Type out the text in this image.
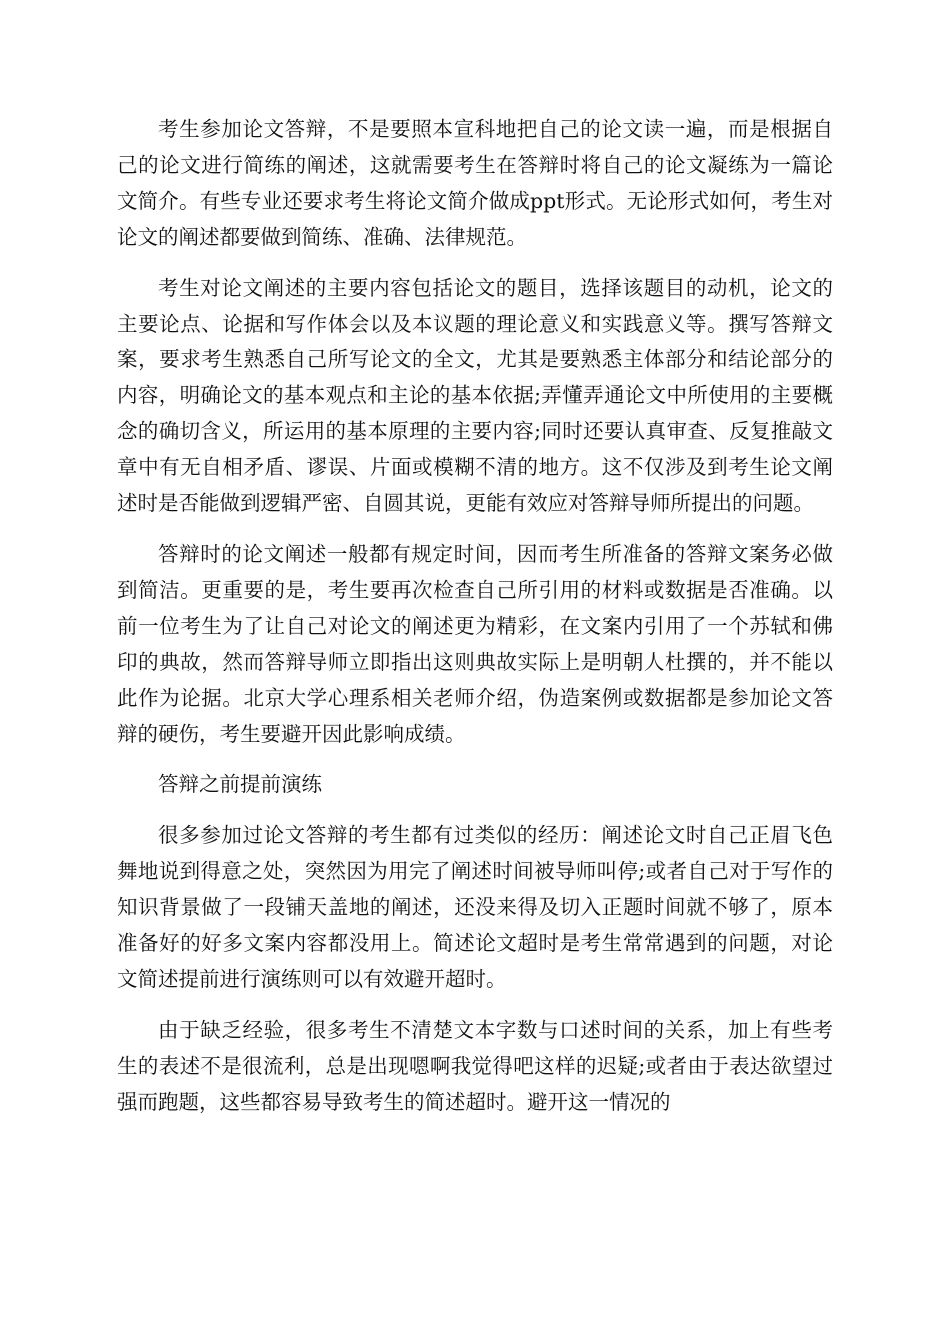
考生参加论文答辩，不是要照本宣科地把自己的论文读一遍，而是根据自己的论文进行简练的阐述，这就需要考生在答辩时将自己的论文凝练为一篇论文简介。有些专业还要求考生将论文简介做成ppt形式。无论形式如何，考生对论文的阐述都要做到简练、准确、法律规范。

考生对论文阐述的主要内容包括论文的题目，选择该题目的动机，论文的主要论点、论据和写作体会以及本议题的理论意义和实践意义等。撰写答辩文案，要求考生熟悉自己所写论文的全文，尤其是要熟悉主体部分和结论部分的内容，明确论文的基本观点和主论的基本依据;弄懂弄通论文中所使用的主要概念的确切含义，所运用的基本原理的主要内容;同时还要认真审查、反复推敲文章中有无自相矛盾、谬误、片面或模糊不清的地方。这不仅涉及到考生论文阐述时是否能做到逻辑严密、自圆其说，更能有效应对答辩导师所提出的问题。

答辩时的论文阐述一般都有规定时间，因而考生所准备的答辩文案务必做到简洁。更重要的是，考生要再次检查自己所引用的材料或数据是否准确。以前一位考生为了让自己对论文的阐述更为精彩，在文案内引用了一个苏轼和佛印的典故，然而答辩导师立即指出这则典故实际上是明朝人杜撰的，并不能以此作为论据。北京大学心理系相关老师介绍，伪造案例或数据都是参加论文答辩的硬伤，考生要避开因此影响成绩。

答辩之前提前演练

很多参加过论文答辩的考生都有过类似的经历：阐述论文时自己正眉飞色舞地说到得意之处，突然因为用完了阐述时间被导师叫停;或者自己对于写作的知识背景做了一段铺天盖地的阐述，还没来得及切入正题时间就不够了，原本准备好的好多文案内容都没用上。简述论文超时是考生常常遇到的问题，对论文简述提前进行演练则可以有效避开超时。

由于缺乏经验，很多考生不清楚文本字数与口述时间的关系，加上有些考生的表述不是很流利，总是出现嗯啊我觉得吧这样的迟疑;或者由于表达欲望过强而跑题，这些都容易导致考生的简述超时。避开这一情况的
